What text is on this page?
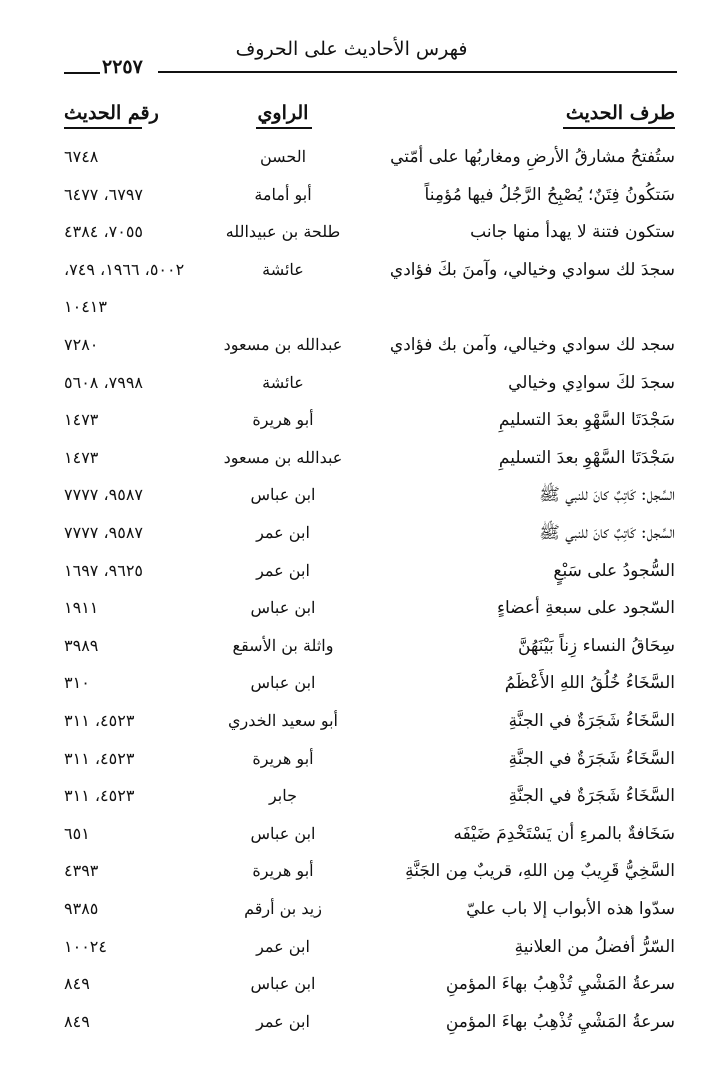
فهرس الأحاديث على الحروف
٢٢٥٧
طرف الحديث
الراوي
رقم الحديث
ستُفتحُ مشارقُ الأرضِ ومغاربُها على أمّتي
الحسن
٦٧٤٨
سَتكُونُ فِتَنٌ؛ يُصْبِحُ الرَّجُلُ فيها مُؤمِناً
أبو أمامة
٦٧٩٧، ٦٤٧٧
ستكون فتنة لا يهدأ منها جانب
طلحة بن عبيدالله
٧٠٥٥، ٤٣٨٤
سجدَ لك سوادي وخيالي، وآمنَ بكَ فؤادي
عائشة
٥٠٠٢، ١٩٦٦، ٧٤٩،
١٠٤١٣
سجد لك سوادي وخيالي، وآمن بك فؤادي
عبدالله بن مسعود
٧٢٨٠
سجدَ لكَ سوادِي وخيالي
عائشة
٧٩٩٨، ٥٦٠٨
سَجْدَتَا السَّهْوِ بعدَ التسليمِ
أبو هريرة
١٤٧٣
سَجْدَتَا السَّهْوِ بعدَ التسليمِ
عبدالله بن مسعود
١٤٧٣
السِّجل: كَاتِبٌ كانَ للنبي ﷺ
ابن عباس
٩٥٨٧، ٧٧٧٧
السِّجل: كَاتِبٌ كانَ للنبي ﷺ
ابن عمر
٩٥٨٧، ٧٧٧٧
السُّجودُ على سَبْعٍ
ابن عمر
٩٦٢٥، ١٦٩٧
السّجود على سبعةِ أعضاءٍ
ابن عباس
١٩١١
سِحَاقُ النساء زِناً بَيْنَهُنَّ
واثلة بن الأسقع
٣٩٨٩
السَّخَاءُ خُلُقُ اللهِ الأَعْظَمُ
ابن عباس
٣١٠
السَّخَاءُ شَجَرَةٌ في الجنَّةِ
أبو سعيد الخدري
٤٥٢٣، ٣١١
السَّخَاءُ شَجَرَةٌ في الجنَّةِ
أبو هريرة
٤٥٢٣، ٣١١
السَّخَاءُ شَجَرَةٌ في الجنَّةِ
جابر
٤٥٢٣، ٣١١
سَخَافةٌ بالمرءِ أن يَسْتَخْدِمَ ضَيْفَه
ابن عباس
٦٥١
السَّخِيُّ قَرِيبٌ مِن اللهِ، قريبٌ مِن الجَنَّةِ
أبو هريرة
٤٣٩٣
سدّوا هذه الأبواب إلا باب عليّ
زيد بن أرقم
٩٣٨٥
السّرُّ أفضلُ من العلانيةِ
ابن عمر
١٠٠٢٤
سرعةُ المَشْيِ تُذْهِبُ بهاءَ المؤمنِ
ابن عباس
٨٤٩
سرعةُ المَشْيِ تُذْهِبُ بهاءَ المؤمنِ
ابن عمر
٨٤٩
